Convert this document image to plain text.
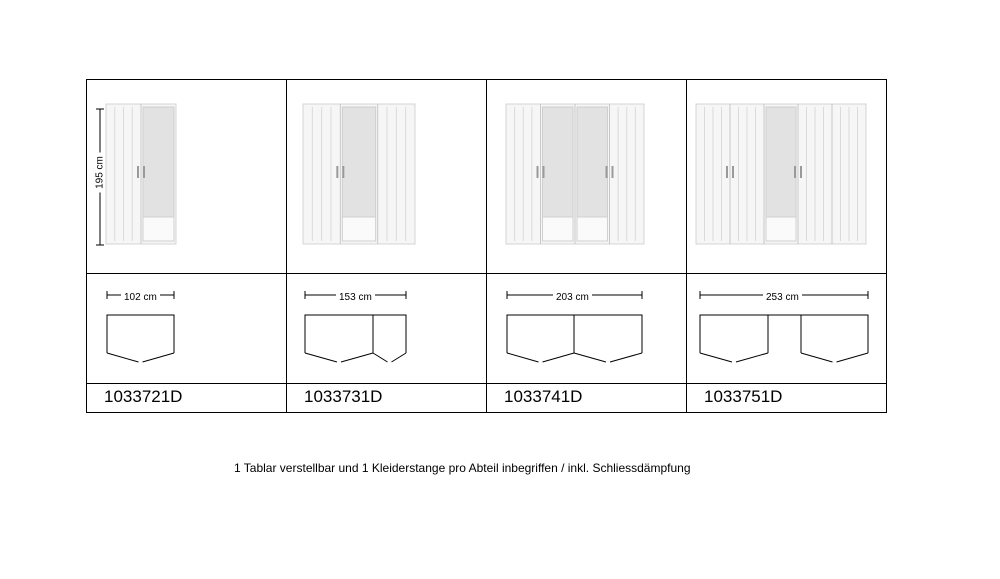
195 cm
102 cm	153 cm	203 cm	253 cm
1033721D	1033731D	1033741D	1033751D
1 Tablar verstellbar und 1 Kleiderstange pro Abteil inbegriffen / inkl. Schliessdämpfung
